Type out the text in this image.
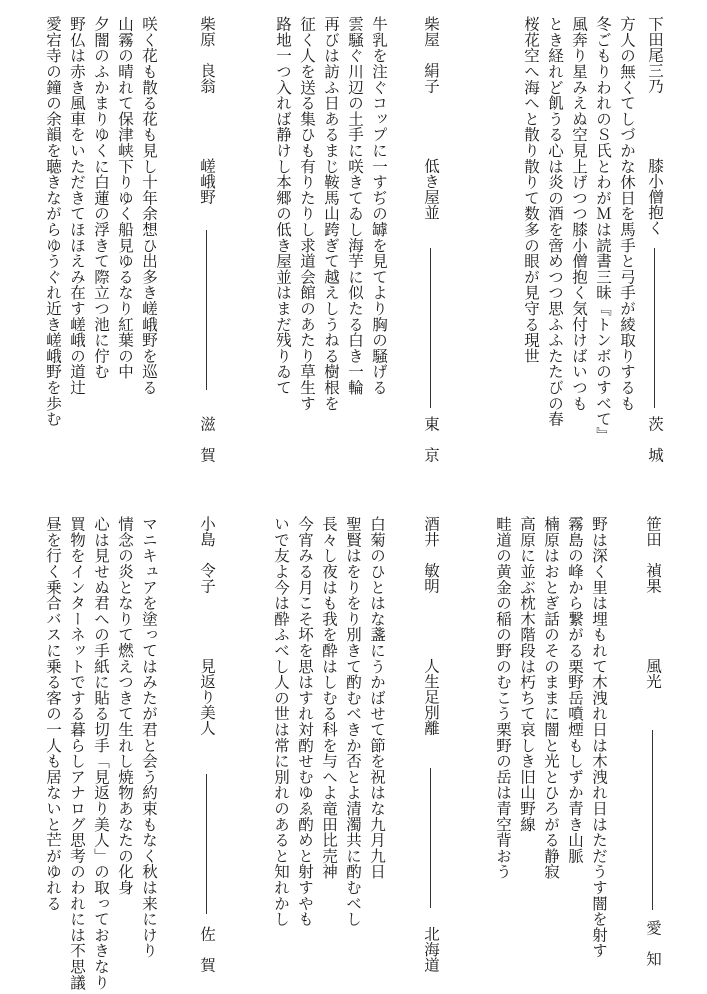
下田尾三乃
膝小僧抱く
茨　城
方人の無くてしづかな休日を馬手と弓手が綾取りするも
冬ごもりわれのＳ氏とわがＭは読書三昧『トンボのすべて』
風奔り星みえぬ空見上げつつ膝小僧抱く気付けばいつも
とき経れど飢うる心は炎の酒を啻めつつ思ふふたたびの春
桜花空へ海へと散り散りて数多の眼が見守る現世
柴屋　絹子
低き屋並
東　京
牛乳を注ぐコップに一すぢの罅を見てより胸の騒げる
雲騒ぐ川辺の土手に咲きてゐし海芋に似たる白き一輪
再びは訪ふ日あるまじ鞍馬山跨ぎて越えしうねる樹根を
征く人を送る集ひも有りたりし求道会館のあたり草生す
路地一つ入れば静けし本郷の低き屋並はまだ残りゐて
柴原　良翁
嵯峨野
滋　賀
咲く花も散る花も見し十年余想ひ出多き嵯峨野を巡る
山霧の晴れて保津峡下りゆく船見ゆるなり紅葉の中
夕闇のふかまりゆくに白蓮の浮きて際立つ池に佇む
野仏は赤き風車をいただきてほほえみ在す嵯峨の道辻
愛宕寺の鐘の余韻を聴きながらゆうぐれ近き嵯峨野を歩む
笹田　禎果
風光
愛　知
野は深く里は埋もれて木洩れ日は木洩れ日はただうす闇を射す
霧島の峰から繋がる栗野岳噴煙もしずか青き山脈
楠原はおとぎ話のそのままに闇と光とひろがる静寂
高原に並ぶ枕木階段は朽ちて哀しき旧山野線
畦道の黄金の稲の野のむこう栗野の岳は青空背おう
酒井　敏明
人生足別離
北海道
白菊のひとはな盞にうかばせて節を祝はな九月九日
聖賢はをりをり別きて酌むべきか否とよ清濁共に酌むべし
長々し夜はも我を酔はしむる科を与へよ竜田比売神
今宵みる月こそ坏を思はすれ対酌せむゆゑ酌めと射すやも
いで友よ今は酔ふべし人の世は常に別れのあると知れかし
小島　令子
見返り美人
佐　賀
マニキュアを塗ってはみたが君と会う約束もなく秋は来にけり
情念の炎となりて燃えつきて生れし焼物あなたの化身
心は見せぬ君への手紙に貼る切手「見返り美人」の取っておきなり
買物をインターネットでする暮らしアナログ思考のわれには不思議
昼を行く乗合バスに乗る客の一人も居ないと芒がゆれる
